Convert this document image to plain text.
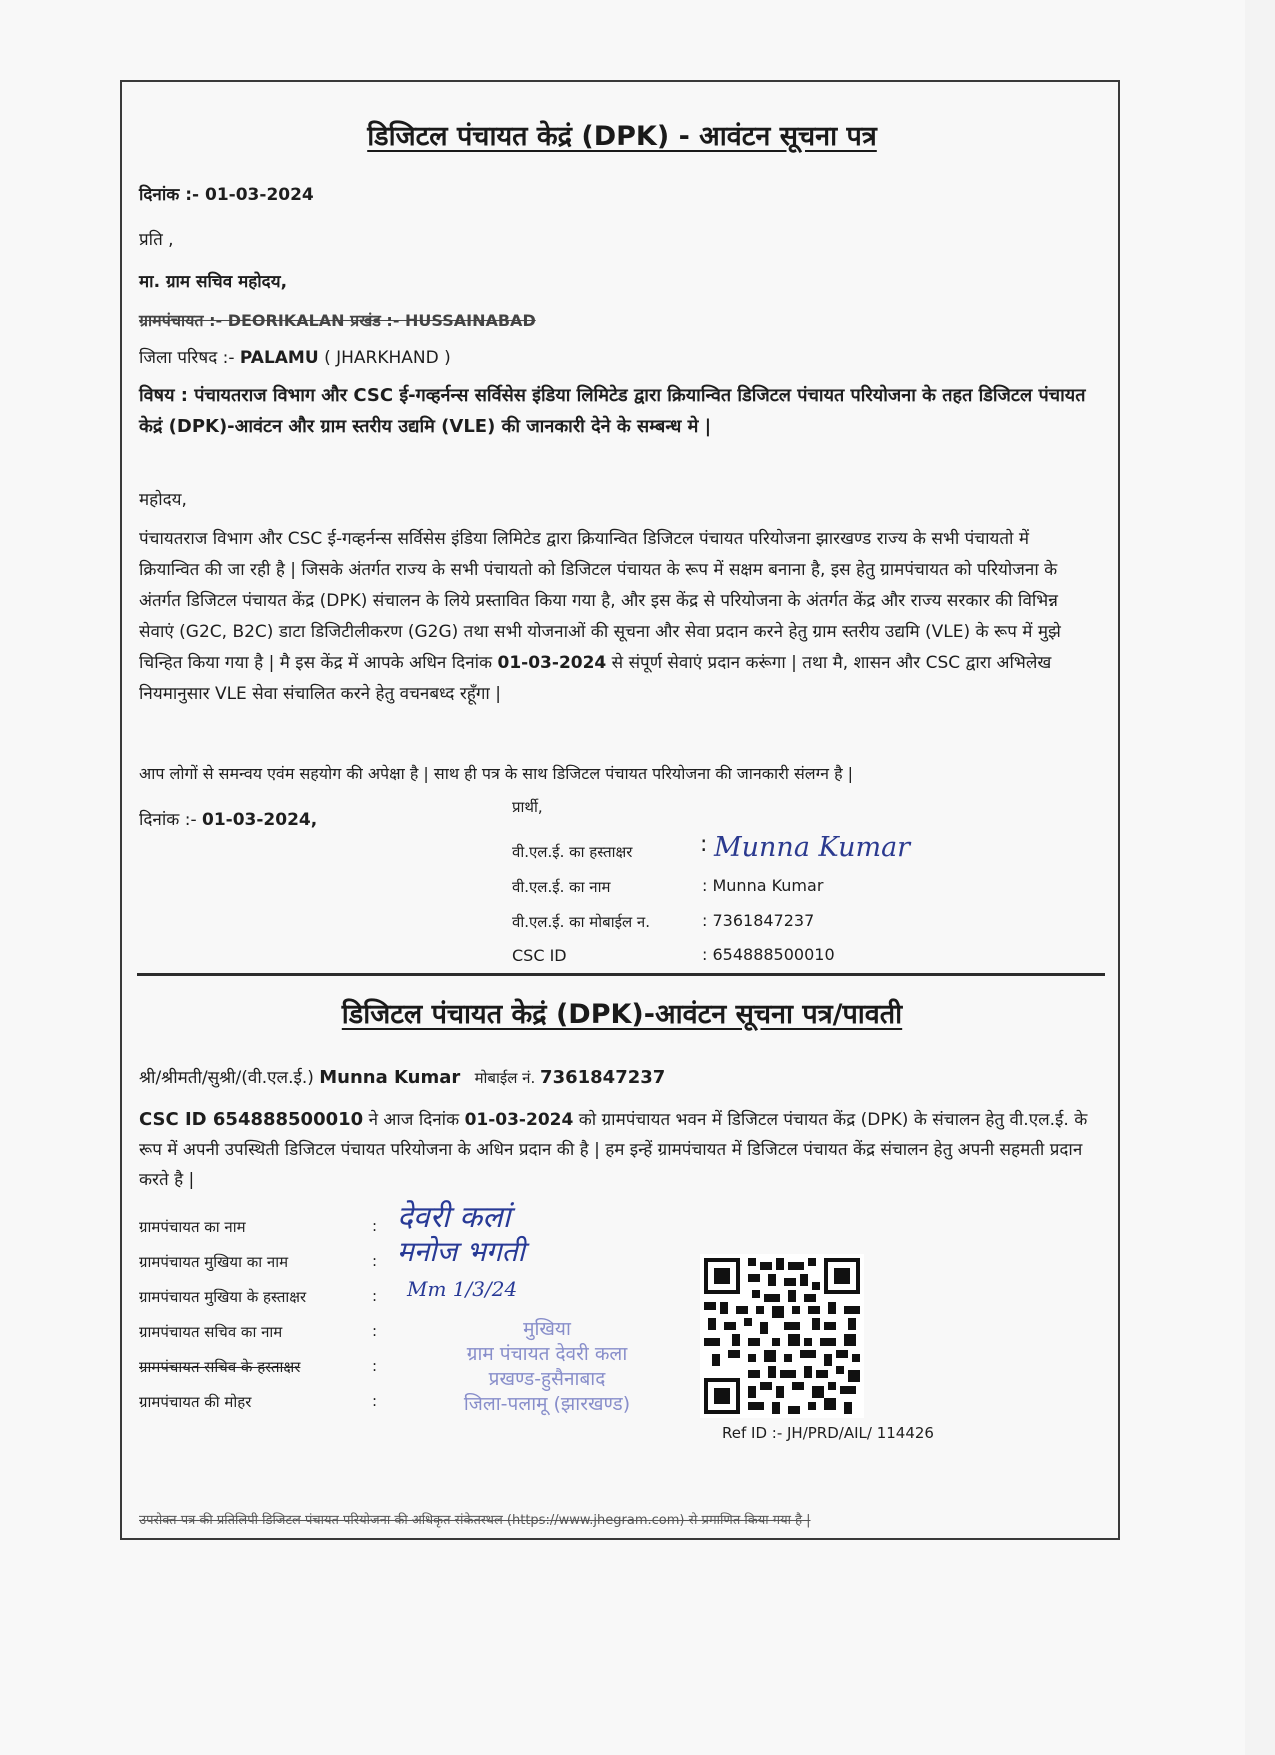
डिजिटल पंचायत केद्रं (DPK) - आवंटन सूचना पत्र
दिनांक :- 01-03-2024
प्रति ,
मा. ग्राम सचिव महोदय,
ग्रामपंचायत :- DEORIKALAN प्रखंड :- HUSSAINABAD
जिला परिषद :- PALAMU ( JHARKHAND )
विषय : पंचायतराज विभाग और CSC ई-गव्हर्नन्स सर्विसेस इंडिया लिमिटेड द्वारा क्रियान्वित डिजिटल पंचायत परियोजना के तहत डिजिटल पंचायत केद्रं (DPK)-आवंटन और ग्राम स्तरीय उद्यमि (VLE) की जानकारी देने के सम्बन्ध मे |
महोदय,
पंचायतराज विभाग और CSC ई-गव्हर्नन्स सर्विसेस इंडिया लिमिटेड द्वारा क्रियान्वित डिजिटल पंचायत परियोजना झारखण्ड राज्य के सभी पंचायतो में क्रियान्वित की जा रही है | जिसके अंतर्गत राज्य के सभी पंचायतो को डिजिटल पंचायत के रूप में सक्षम बनाना है, इस हेतु ग्रामपंचायत को परियोजना के अंतर्गत डिजिटल पंचायत केंद्र (DPK) संचालन के लिये प्रस्तावित किया गया है, और इस केंद्र से परियोजना के अंतर्गत केंद्र और राज्य सरकार की विभिन्न सेवाएं (G2C, B2C) डाटा डिजिटीलीकरण (G2G) तथा सभी योजनाओं की सूचना और सेवा प्रदान करने हेतु ग्राम स्तरीय उद्यमि (VLE) के रूप में मुझे चिन्हित किया गया है | मै इस केंद्र में आपके अधिन दिनांक 01-03-2024 से संपूर्ण सेवाएं प्रदान करूंगा | तथा मै, शासन और CSC द्वारा अभिलेख नियमानुसार VLE सेवा संचालित करने हेतु वचनबध्द रहूँगा |
आप लोगों से समन्वय एवंम सहयोग की अपेक्षा है | साथ ही पत्र के साथ डिजिटल पंचायत परियोजना की जानकारी संलग्न है |
दिनांक :- 01-03-2024,
प्रार्थी,
वी.एल.ई. का हस्ताक्षर	: Munna Kumar
वी.एल.ई. का नाम	: Munna Kumar
वी.एल.ई. का मोबाईल न.	: 7361847237
CSC ID	: 654888500010
डिजिटल पंचायत केद्रं (DPK)-आवंटन सूचना पत्र/पावती
श्री/श्रीमती/सुश्री/(वी.एल.ई.) Munna Kumar   मोबाईल नं. 7361847237
CSC ID 654888500010 ने आज दिनांक 01-03-2024 को ग्रामपंचायत भवन में डिजिटल पंचायत केंद्र (DPK) के संचालन हेतु वी.एल.ई. के रूप में अपनी उपस्थिती डिजिटल पंचायत परियोजना के अधिन प्रदान की है | हम इन्हें ग्रामपंचायत में डिजिटल पंचायत केंद्र संचालन हेतु अपनी सहमती प्रदान करते है |
ग्रामपंचायत का नाम	: देवरी कलां
ग्रामपंचायत मुखिया का नाम	: मनोज भगती
ग्रामपंचायत मुखिया के हस्ताक्षर	: Mm 1/3/24
ग्रामपंचायत सचिव का नाम	:
ग्रामपंचायत सचिव के हस्ताक्षर	:
ग्रामपंचायत की मोहर	:
मुखिया
ग्राम पंचायत देवरी कला
प्रखण्ड-हुसैनाबाद
जिला-पलामू (झारखण्ड)
Ref ID :- JH/PRD/AIL/ 114426
उपरोक्त पत्र की प्रतिलिपी डिजिटल पंचायत परियोजना की अधिकृत संकेतस्थल (https://www.jhegram.com) से प्रमाणित किया गया है |
